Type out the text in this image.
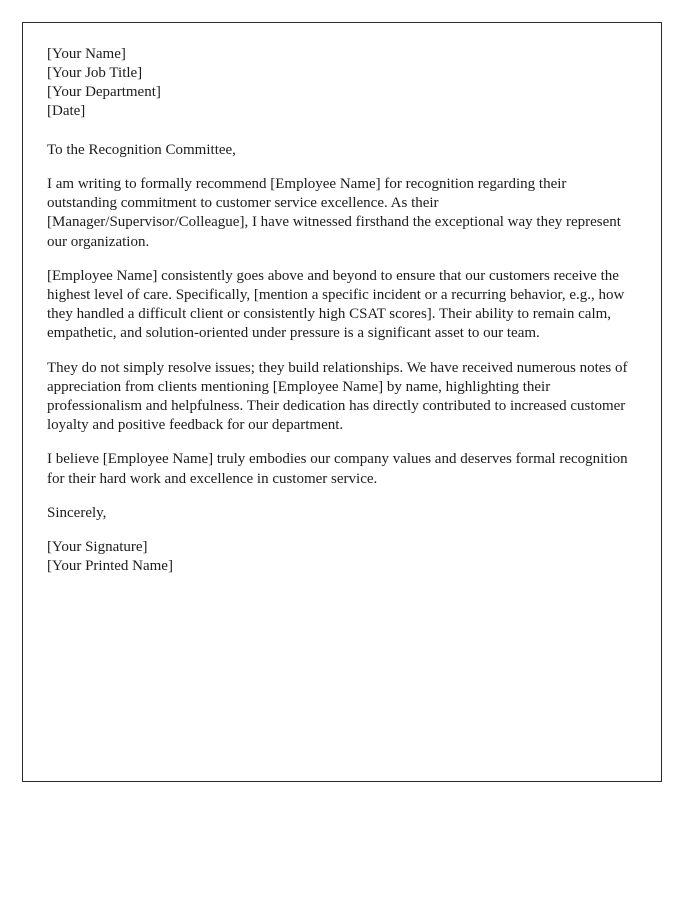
[Your Name]
[Your Job Title]
[Your Department]
[Date]
To the Recognition Committee,

I am writing to formally recommend [Employee Name] for recognition regarding their outstanding commitment to customer service excellence. As their [Manager/Supervisor/Colleague], I have witnessed firsthand the exceptional way they represent our organization.

[Employee Name] consistently goes above and beyond to ensure that our customers receive the highest level of care. Specifically, [mention a specific incident or a recurring behavior, e.g., how they handled a difficult client or consistently high CSAT scores]. Their ability to remain calm, empathetic, and solution-oriented under pressure is a significant asset to our team.

They do not simply resolve issues; they build relationships. We have received numerous notes of appreciation from clients mentioning [Employee Name] by name, highlighting their professionalism and helpfulness. Their dedication has directly contributed to increased customer loyalty and positive feedback for our department.

I believe [Employee Name] truly embodies our company values and deserves formal recognition for their hard work and excellence in customer service.

Sincerely,
[Your Signature]
[Your Printed Name]
